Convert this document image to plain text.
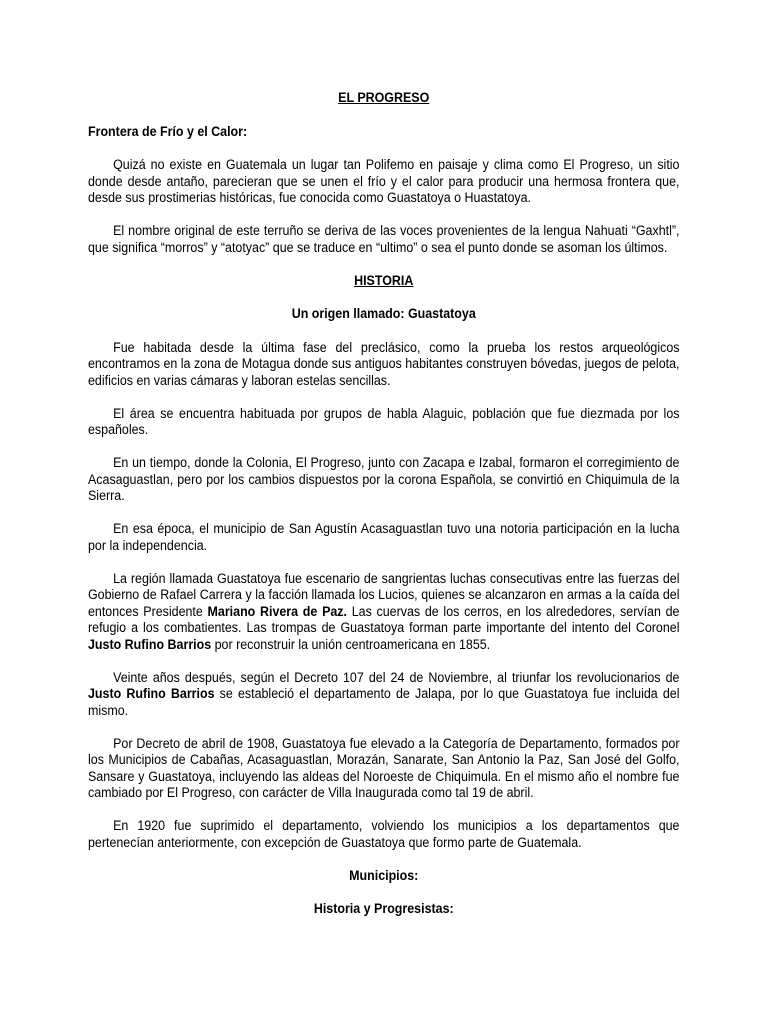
EL PROGRESO
Frontera de Frío y el Calor:

Quizá no existe en Guatemala un lugar tan Polifemo en paisaje y clima como El Progreso, un sitio donde desde antaño, parecieran que se unen el frío y el calor para producir una hermosa frontera que, desde sus prostimerias históricas, fue conocida como Guastatoya o Huastatoya.

El nombre original de este terruño se deriva de las voces provenientes de la lengua Nahuati “Gaxhtl”, que significa “morros” y “atotyac” que se traduce en “ultimo” o sea el punto donde se asoman los últimos.

HISTORIA
Un origen llamado: Guastatoya

Fue habitada desde la última fase del preclásico, como la prueba los restos arqueológicos encontramos en la zona de Motagua donde sus antiguos habitantes construyen bóvedas, juegos de pelota, edificios en varias cámaras y laboran estelas sencillas.

El área se encuentra habituada por grupos de habla Alaguic, población que fue diezmada por los españoles.

En un tiempo, donde la Colonia, El Progreso, junto con Zacapa e Izabal, formaron el corregimiento de Acasaguastlan, pero por los cambios dispuestos por la corona Española, se convirtió en Chiquimula de la Sierra.

En esa época, el municipio de San Agustín Acasaguastlan tuvo una notoria participación en la lucha por la independencia.

La región llamada Guastatoya fue escenario de sangrientas luchas consecutivas entre las fuerzas del Gobierno de Rafael Carrera y la facción llamada los Lucios, quienes se alcanzaron en armas a la caída del entonces Presidente Mariano Rivera de Paz. Las cuervas de los cerros, en los alrededores, servían de refugio a los combatientes. Las trompas de Guastatoya forman parte importante del intento del Coronel Justo Rufino Barrios por reconstruir la unión centroamericana en 1855.

Veinte años después, según el Decreto 107 del 24 de Noviembre, al triunfar los revolucionarios de Justo Rufino Barrios se estableció el departamento de Jalapa, por lo que Guastatoya fue incluida del mismo.

Por Decreto de abril de 1908, Guastatoya fue elevado a la Categoría de Departamento, formados por los Municipios de Cabañas, Acasaguastlan, Morazán, Sanarate, San Antonio la Paz, San José del Golfo, Sansare y Guastatoya, incluyendo las aldeas del Noroeste de Chiquimula. En el mismo año el nombre fue cambiado por El Progreso, con carácter de Villa Inaugurada como tal 19 de abril.

En 1920 fue suprimido el departamento, volviendo los municipios a los departamentos que pertenecían anteriormente, con excepción de Guastatoya que formo parte de Guatemala.

Municipios:
Historia y Progresistas:
